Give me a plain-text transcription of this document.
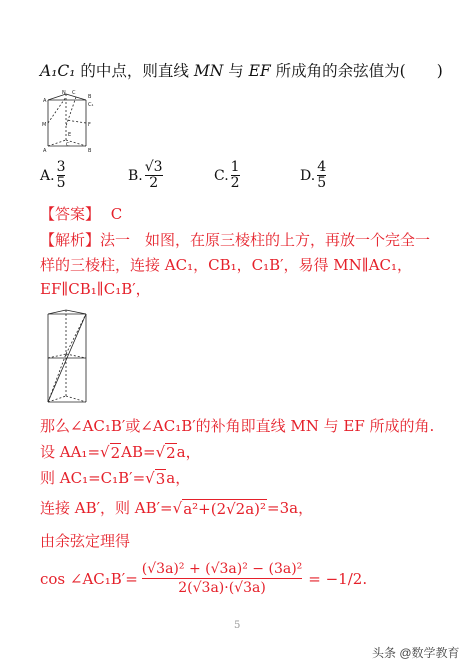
A₁C₁ 的中点，则直线 MN 与 EF 所成角的余弦值为(　　)
A
N C
B
C₁
M	F
E
A
C
B
A. $\frac{3}{5}$	B. $\frac{√3}{2}$	C. $\frac{1}{2}$	D. $\frac{4}{5}$
【答案】 C
【解析】法一　如图，在原三棱柱的上方，再放一个完全一
样的三棱柱，连接 AC₁，CB₁，C₁B′，易得 MN∥AC₁，
EF∥CB₁∥C₁B′，
那么∠AC₁B′或∠AC₁B′的补角即直线 MN 与 EF 所成的角.
设 AA₁=√ 2 AB=√ 2 a，
则 AC₁=C₁B′=√ 3 a，
连接 AB′，则 AB′=√ a²+(2√2a)² =3a，
由余弦定理得
cos ∠AC₁B′=
(√3a)² + (√3a)² − (3a)²
2(√3a)·(√3a)
= −1/2.
5
头条 @数学教育
